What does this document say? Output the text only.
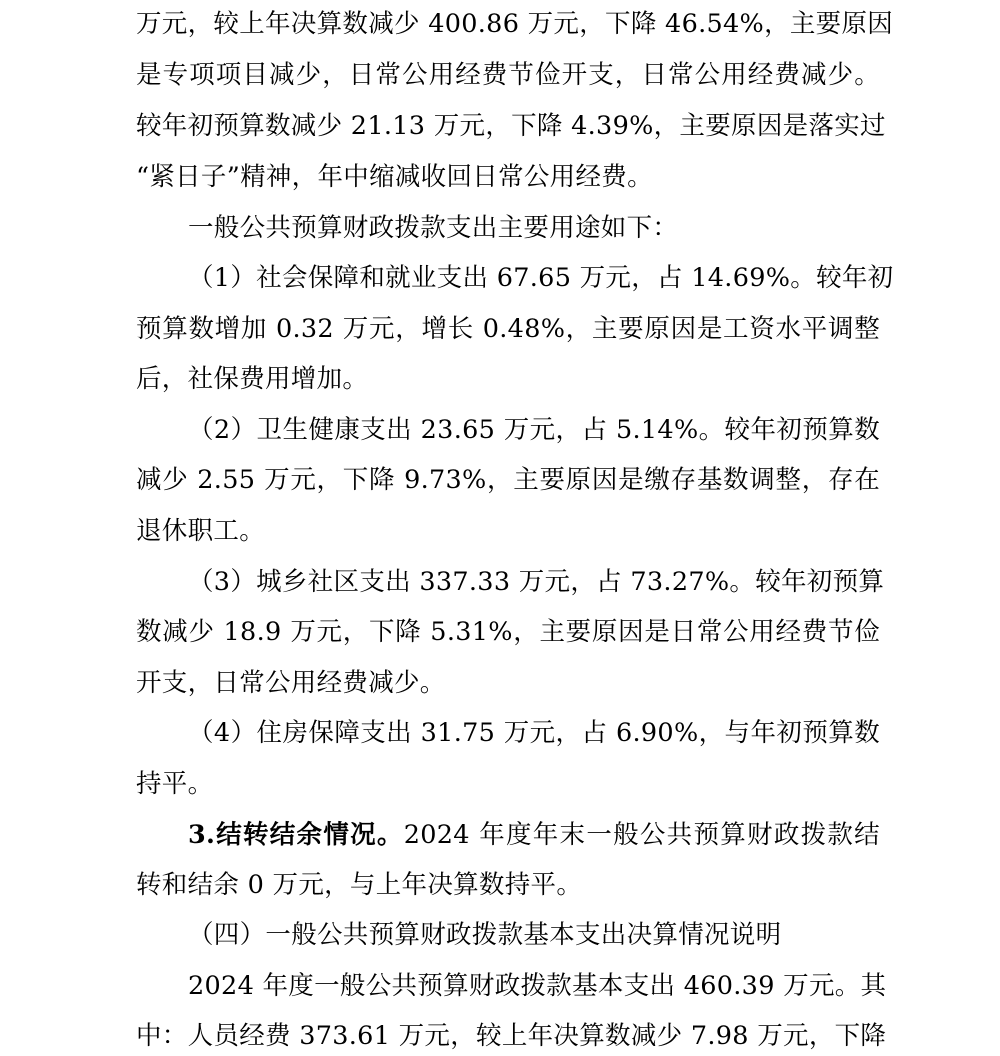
万元，较上年决算数减少 400.86 万元，下降 46.54%，主要原因
是专项项目减少，日常公用经费节俭开支，日常公用经费减少。
较年初预算数减少 21.13 万元，下降 4.39%，主要原因是落实过
“紧日子”精神，年中缩减收回日常公用经费。
一般公共预算财政拨款支出主要用途如下：
（1）社会保障和就业支出 67.65 万元，占 14.69%。较年初
预算数增加 0.32 万元，增长 0.48%，主要原因是工资水平调整
后，社保费用增加。
（2）卫生健康支出 23.65 万元，占 5.14%。较年初预算数
减少 2.55 万元，下降 9.73%，主要原因是缴存基数调整，存在
退休职工。
（3）城乡社区支出 337.33 万元，占 73.27%。较年初预算
数减少 18.9 万元，下降 5.31%，主要原因是日常公用经费节俭
开支，日常公用经费减少。
（4）住房保障支出 31.75 万元，占 6.90%，与年初预算数
持平。
3.结转结余情况。2024 年度年末一般公共预算财政拨款结
转和结余 0 万元，与上年决算数持平。
（四）一般公共预算财政拨款基本支出决算情况说明
2024 年度一般公共预算财政拨款基本支出 460.39 万元。其
中：人员经费 373.61 万元，较上年决算数减少 7.98 万元，下降
